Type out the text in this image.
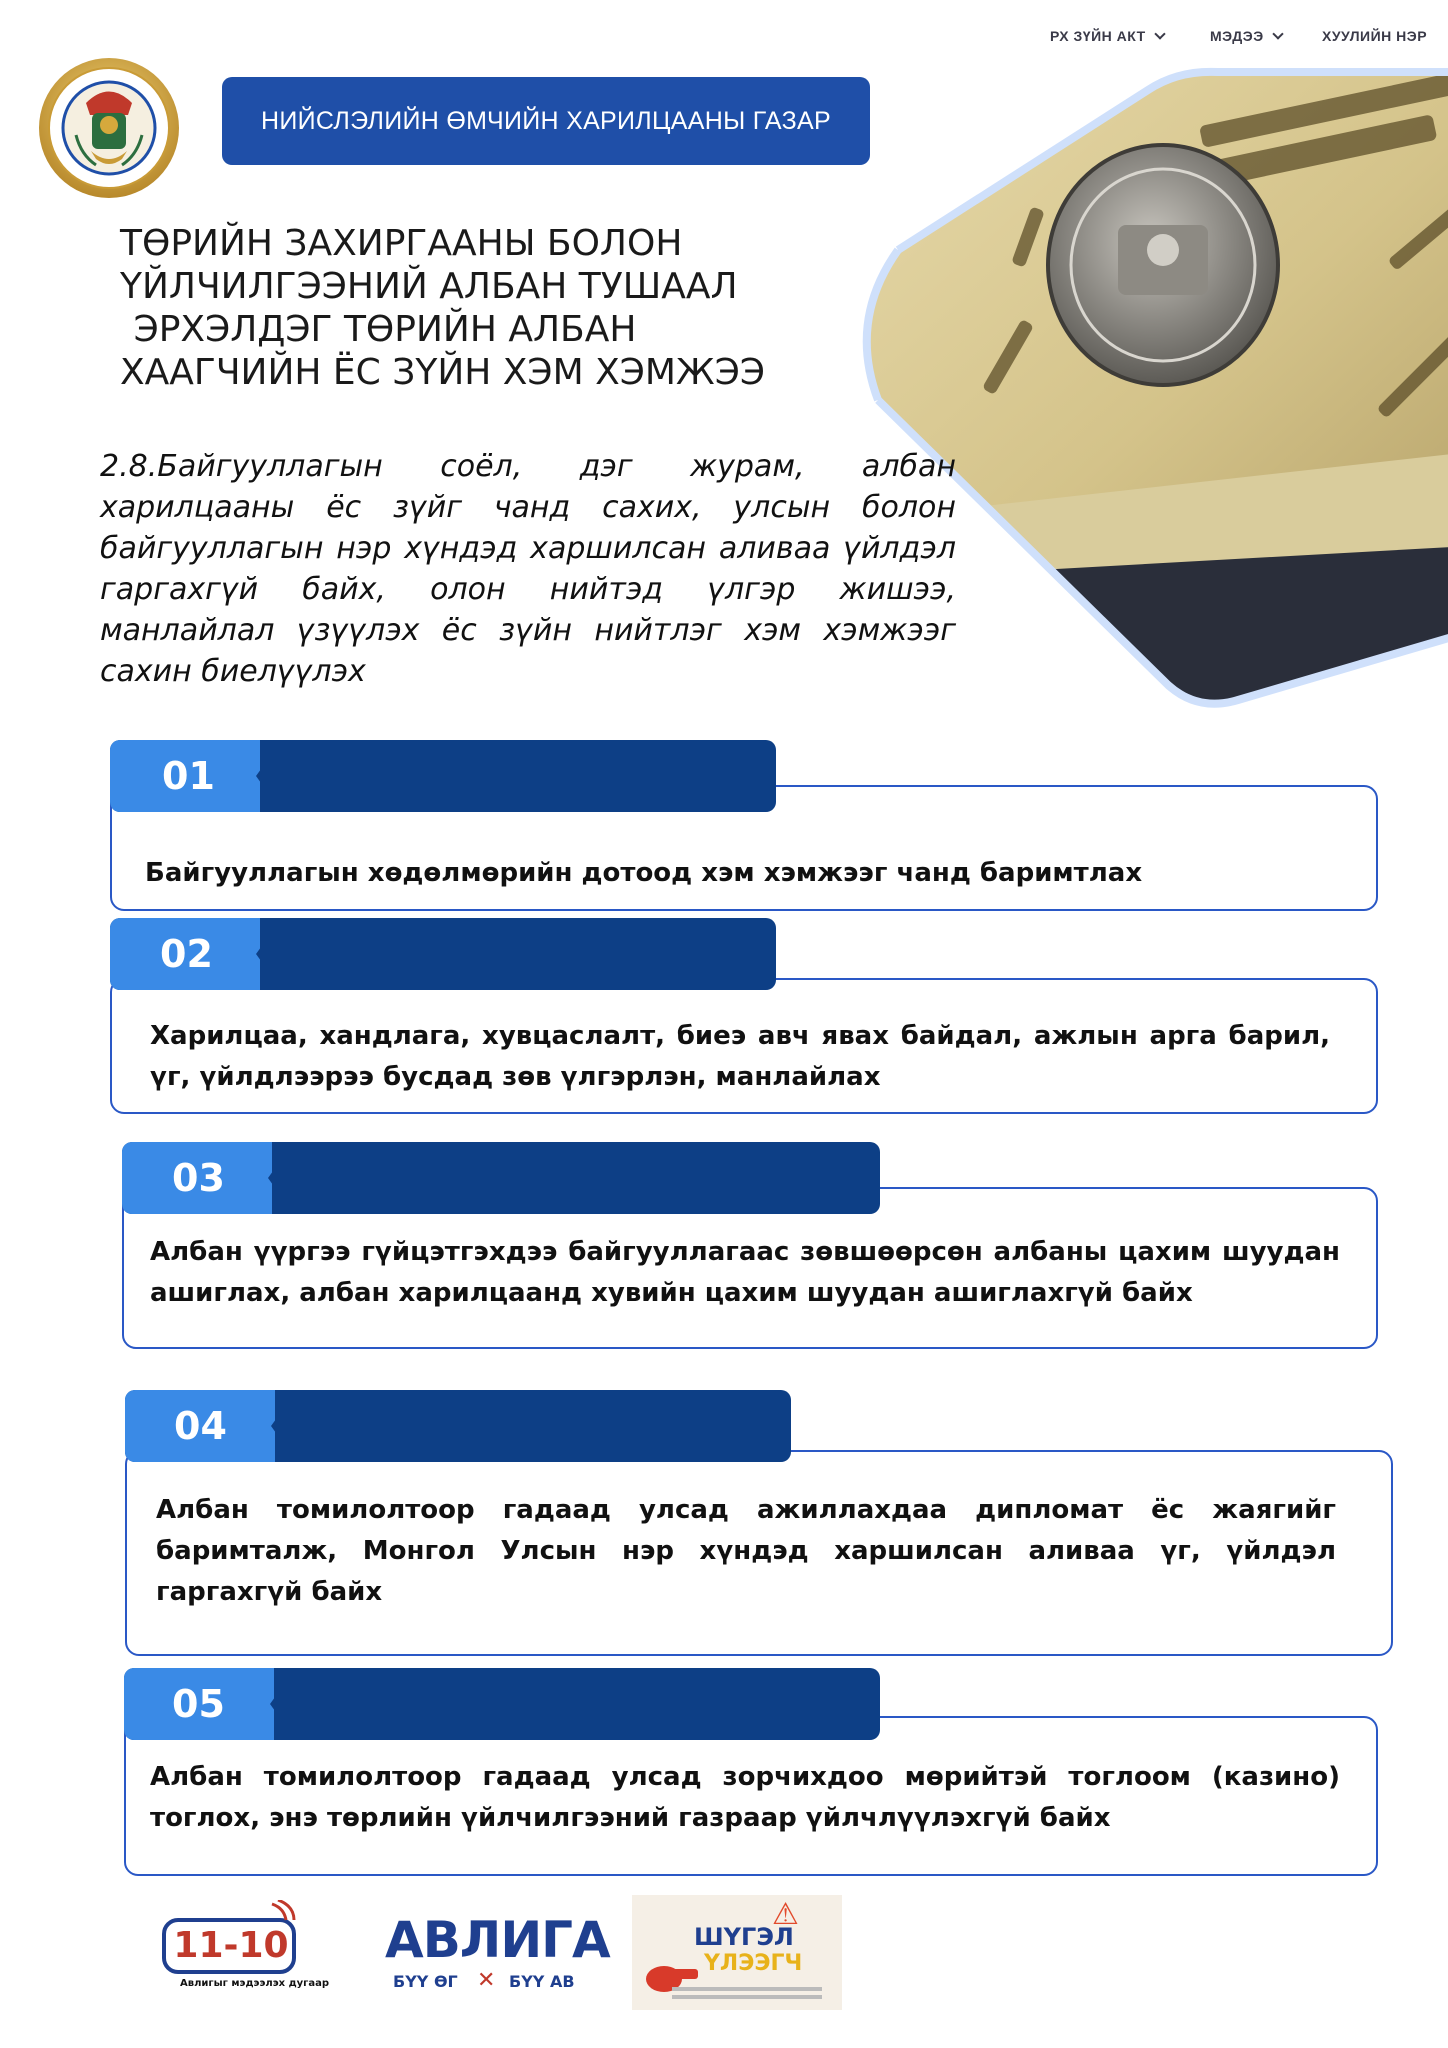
РХ ЗҮЙН АКТ	МЭДЭЭ	ХУУЛИЙН НЭР
НИЙСЛЭЛИЙН ӨМЧИЙН ХАРИЛЦААНЫ ГАЗАР
ТӨРИЙН ЗАХИРГААНЫ БОЛОН
ҮЙЛЧИЛГЭЭНИЙ АЛБАН ТУШААЛ
ЭРХЭЛДЭГ ТӨРИЙН АЛБАН
ХААГЧИЙН ЁС ЗҮЙН ХЭМ ХЭМЖЭЭ
2.8.Байгууллагын соёл, дэг журам, албан харилцааны ёс зүйг чанд сахих, улсын болон байгууллагын нэр хүндэд харшилсан аливаа үйлдэл гаргахгүй байх, олон нийтэд үлгэр жишээ, манлайлал үзүүлэх ёс зүйн нийтлэг хэм хэмжээг сахин биелүүлэх
01
Байгууллагын хөдөлмөрийн дотоод хэм хэмжээг чанд баримтлах
02
Харилцаа, хандлага, хувцаслалт, биеэ авч явах байдал, ажлын арга барил, үг, үйлдлээрээ бусдад зөв үлгэрлэн, манлайлах
03
Албан үүргээ гүйцэтгэхдээ байгууллагаас зөвшөөрсөн албаны цахим шуудан ашиглах, албан харилцаанд хувийн цахим шуудан ашиглахгүй байх
04
Албан томилолтоор гадаад улсад ажиллахдаа дипломат ёс жаягийг баримталж, Монгол Улсын нэр хүндэд харшилсан аливаа үг, үйлдэл гаргахгүй байх
05
Албан томилолтоор гадаад улсад зорчихдоо мөрийтэй тоглоом (казино) тоглох, энэ төрлийн үйлчилгээний газраар үйлчлүүлэхгүй байх
11-10
Авлигыг мэдээлэх дугаар
АВЛИГА
БҮҮ ӨГ ✕ БҮҮ АВ
⚠
ШҮГЭЛ
ҮЛЭЭГЧ
